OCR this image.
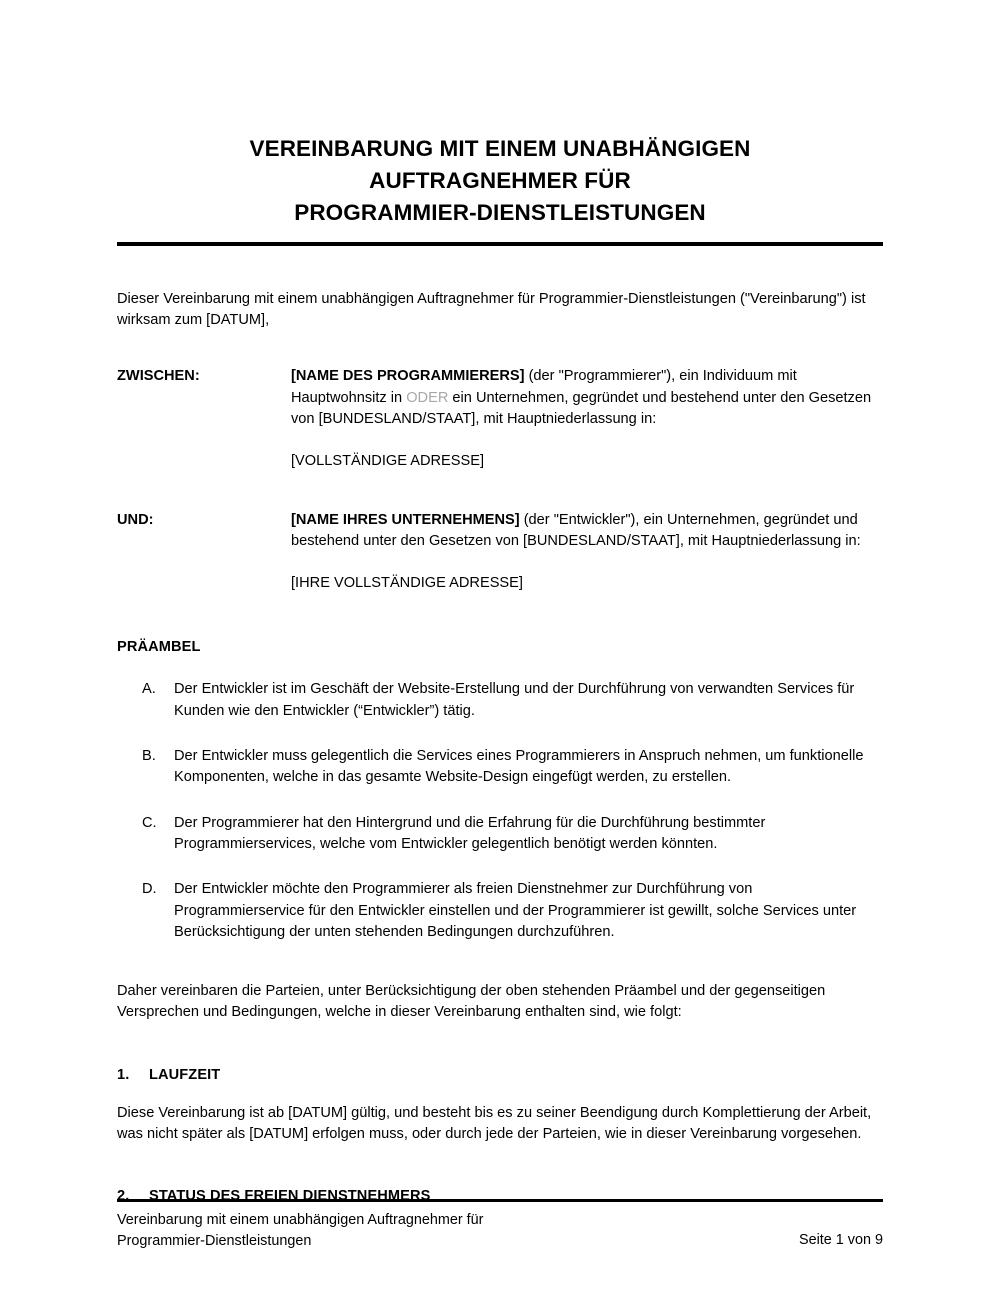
VEREINBARUNG MIT EINEM UNABHÄNGIGEN
AUFTRAGNEHMER FÜR
PROGRAMMIER-DIENSTLEISTUNGEN

Dieser Vereinbarung mit einem unabhängigen Auftragnehmer für Programmier-Dienstleistungen ("Vereinbarung") ist wirksam zum [DATUM],

ZWISCHEN:	[NAME DES PROGRAMMIERERS] (der "Programmierer"), ein Individuum mit Hauptwohnsitz in ODER ein Unternehmen, gegründet und bestehend unter den Gesetzen von [BUNDESLAND/STAAT], mit Hauptniederlassung in:
[VOLLSTÄNDIGE ADRESSE]
UND:	[NAME IHRES UNTERNEHMENS] (der "Entwickler"), ein Unternehmen, gegründet und bestehend unter den Gesetzen von [BUNDESLAND/STAAT], mit Hauptniederlassung in:
[IHRE VOLLSTÄNDIGE ADRESSE]
PRÄAMBEL
A.	Der Entwickler ist im Geschäft der Website-Erstellung und der Durchführung von verwandten Services für Kunden wie den Entwickler (“Entwickler”) tätig.
B.	Der Entwickler muss gelegentlich die Services eines Programmierers in Anspruch nehmen, um funktionelle Komponenten, welche in das gesamte Website-Design eingefügt werden, zu erstellen.
C.	Der Programmierer hat den Hintergrund und die Erfahrung für die Durchführung bestimmter Programmierservices, welche vom Entwickler gelegentlich benötigt werden könnten.
D.	Der Entwickler möchte den Programmierer als freien Dienstnehmer zur Durchführung von Programmierservice für den Entwickler einstellen und der Programmierer ist gewillt, solche Services unter Berücksichtigung der unten stehenden Bedingungen durchzuführen.

Daher vereinbaren die Parteien, unter Berücksichtigung der oben stehenden Präambel und der gegenseitigen Versprechen und Bedingungen, welche in dieser Vereinbarung enthalten sind, wie folgt:

1.	LAUFZEIT

Diese Vereinbarung ist ab [DATUM] gültig, und besteht bis es zu seiner Beendigung durch Komplettierung der Arbeit, was nicht später als [DATUM] erfolgen muss, oder durch jede der Parteien, wie in dieser Vereinbarung vorgesehen.

2.	STATUS DES FREIEN DIENSTNEHMERS
Vereinbarung mit einem unabhängigen Auftragnehmer für
Programmier-Dienstleistungen	Seite 1 von 9
